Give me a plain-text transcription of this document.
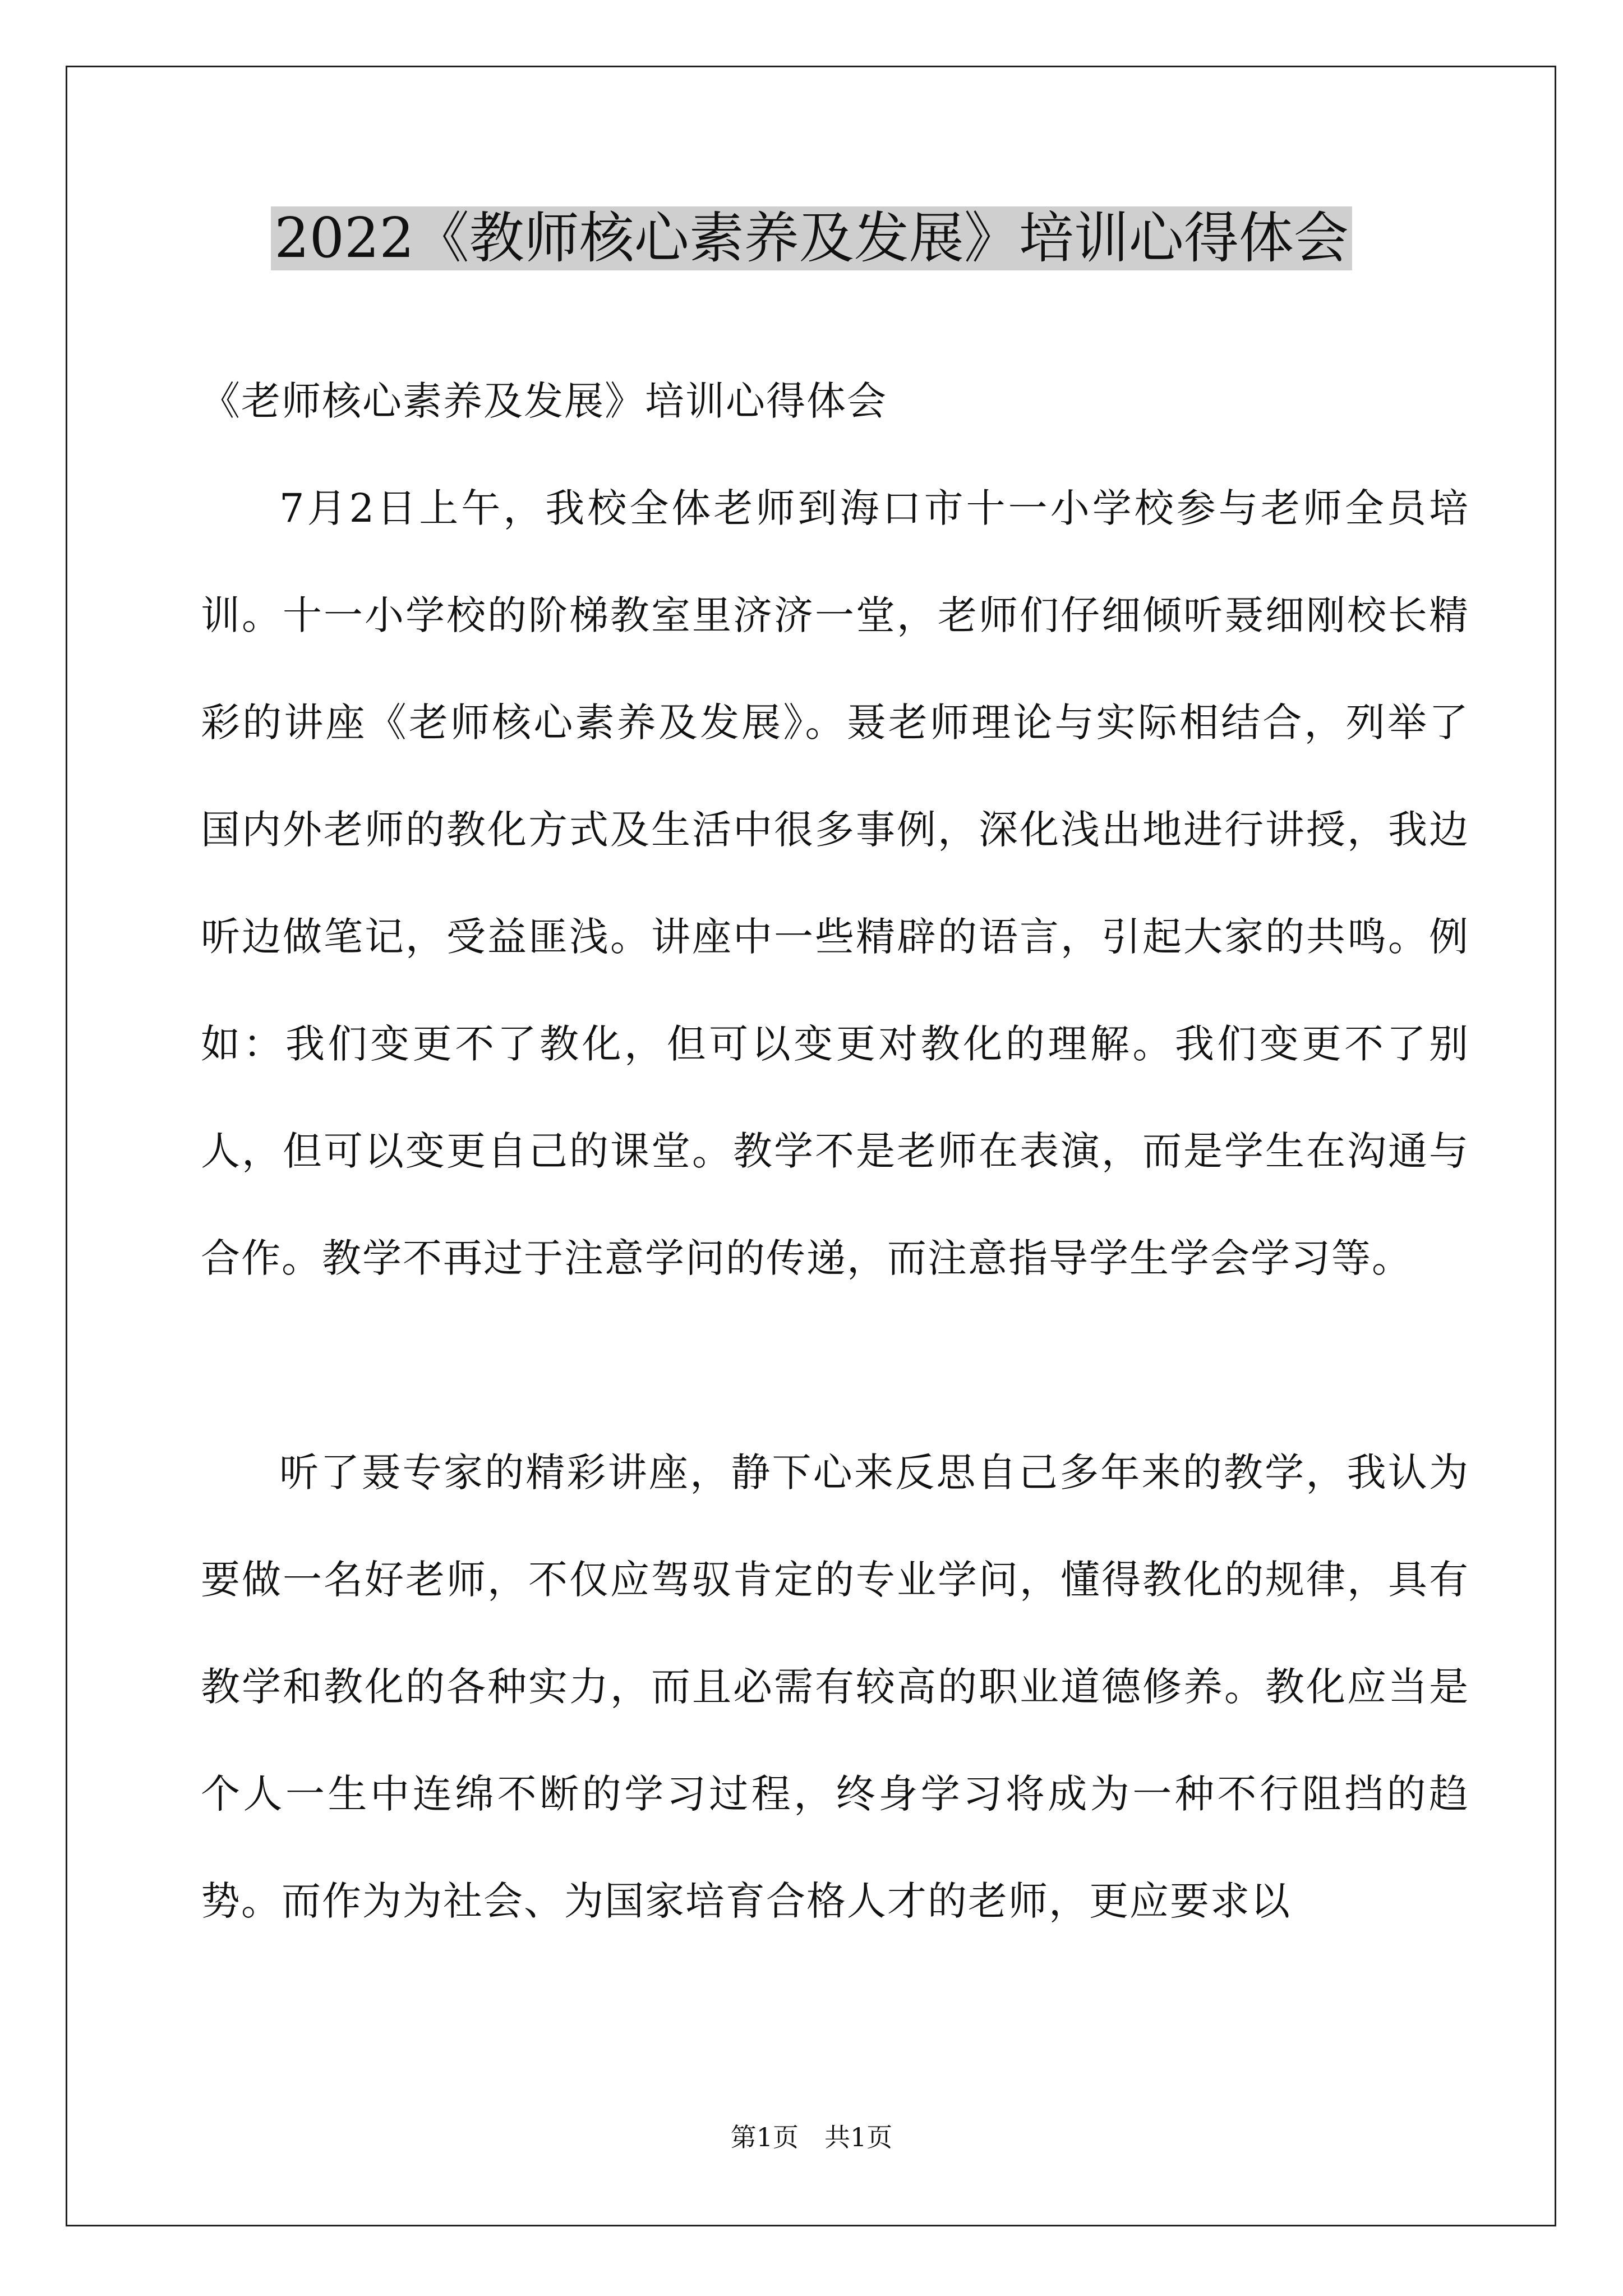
2022《教师核心素养及发展》培训心得体会

《老师核心素养及发展》培训心得体会

7月2日上午，我校全体老师到海口市十一小学校参与老师全员培训。十一小学校的阶梯教室里济济一堂，老师们仔细倾听聂细刚校长精彩的讲座《老师核心素养及发展》。聂老师理论与实际相结合，列举了国内外老师的教化方式及生活中很多事例，深化浅出地进行讲授，我边听边做笔记，受益匪浅。讲座中一些精辟的语言，引起大家的共鸣。例如：我们变更不了教化，但可以变更对教化的理解。我们变更不了别人，但可以变更自己的课堂。教学不是老师在表演，而是学生在沟通与合作。教学不再过于注意学问的传递，而注意指导学生学会学习等。

听了聂专家的精彩讲座，静下心来反思自己多年来的教学，我认为要做一名好老师，不仅应驾驭肯定的专业学问，懂得教化的规律，具有教学和教化的各种实力，而且必需有较高的职业道德修养。教化应当是个人一生中连绵不断的学习过程，终身学习将成为一种不行阻挡的趋势。而作为为社会、为国家培育合格人才的老师，更应要求以

第1页　共1页
